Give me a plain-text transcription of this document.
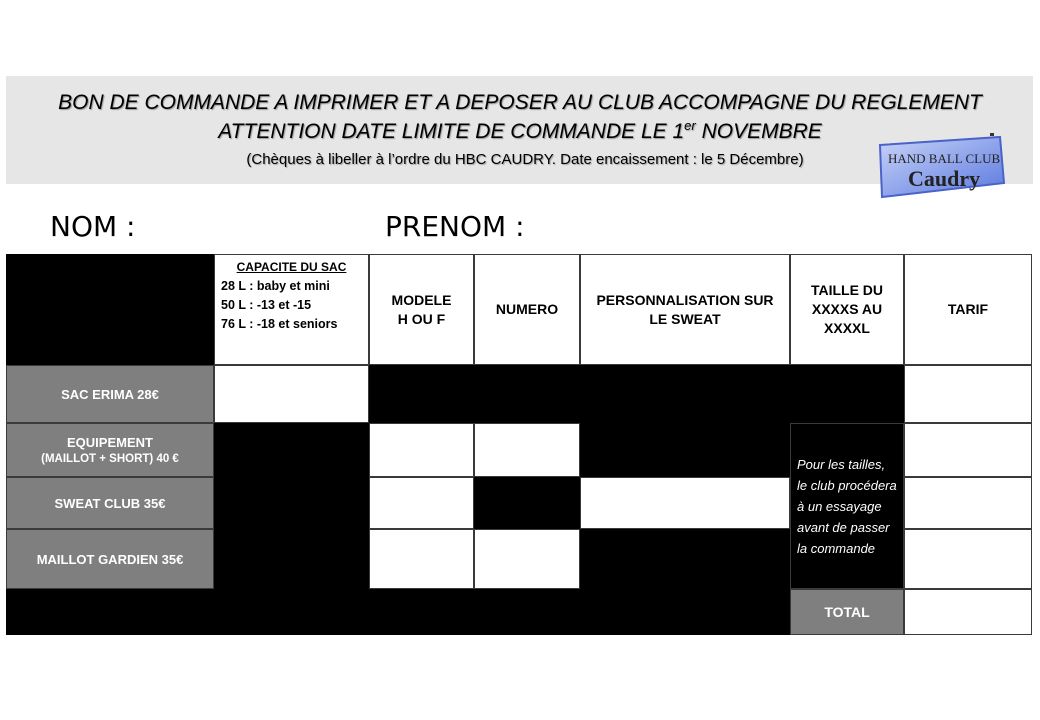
BON DE COMMANDE A IMPRIMER ET A DEPOSER AU CLUB ACCOMPAGNE DU REGLEMENT
ATTENTION DATE LIMITE DE COMMANDE LE 1er NOVEMBRE
(Chèques à libeller à l’ordre du HBC CAUDRY. Date encaissement : le 5 Décembre)	HAND BALL CLUB
Caudry
NOM :	PRENOM :
CAPACITE DU SAC
28 L : baby et mini
50 L : -13 et -15
76 L : -18 et seniors
MODELE H OU F
NUMERO
PERSONNALISATION SUR LE SWEAT
TAILLE DU XXXXS AU XXXXL
TARIF
SAC ERIMA 28€
EQUIPEMENT
(MAILLOT + SHORT) 40 €
SWEAT CLUB 35€
MAILLOT GARDIEN 35€
Pour les tailles, le club procédera à un essayage avant de passer la commande
TOTAL
